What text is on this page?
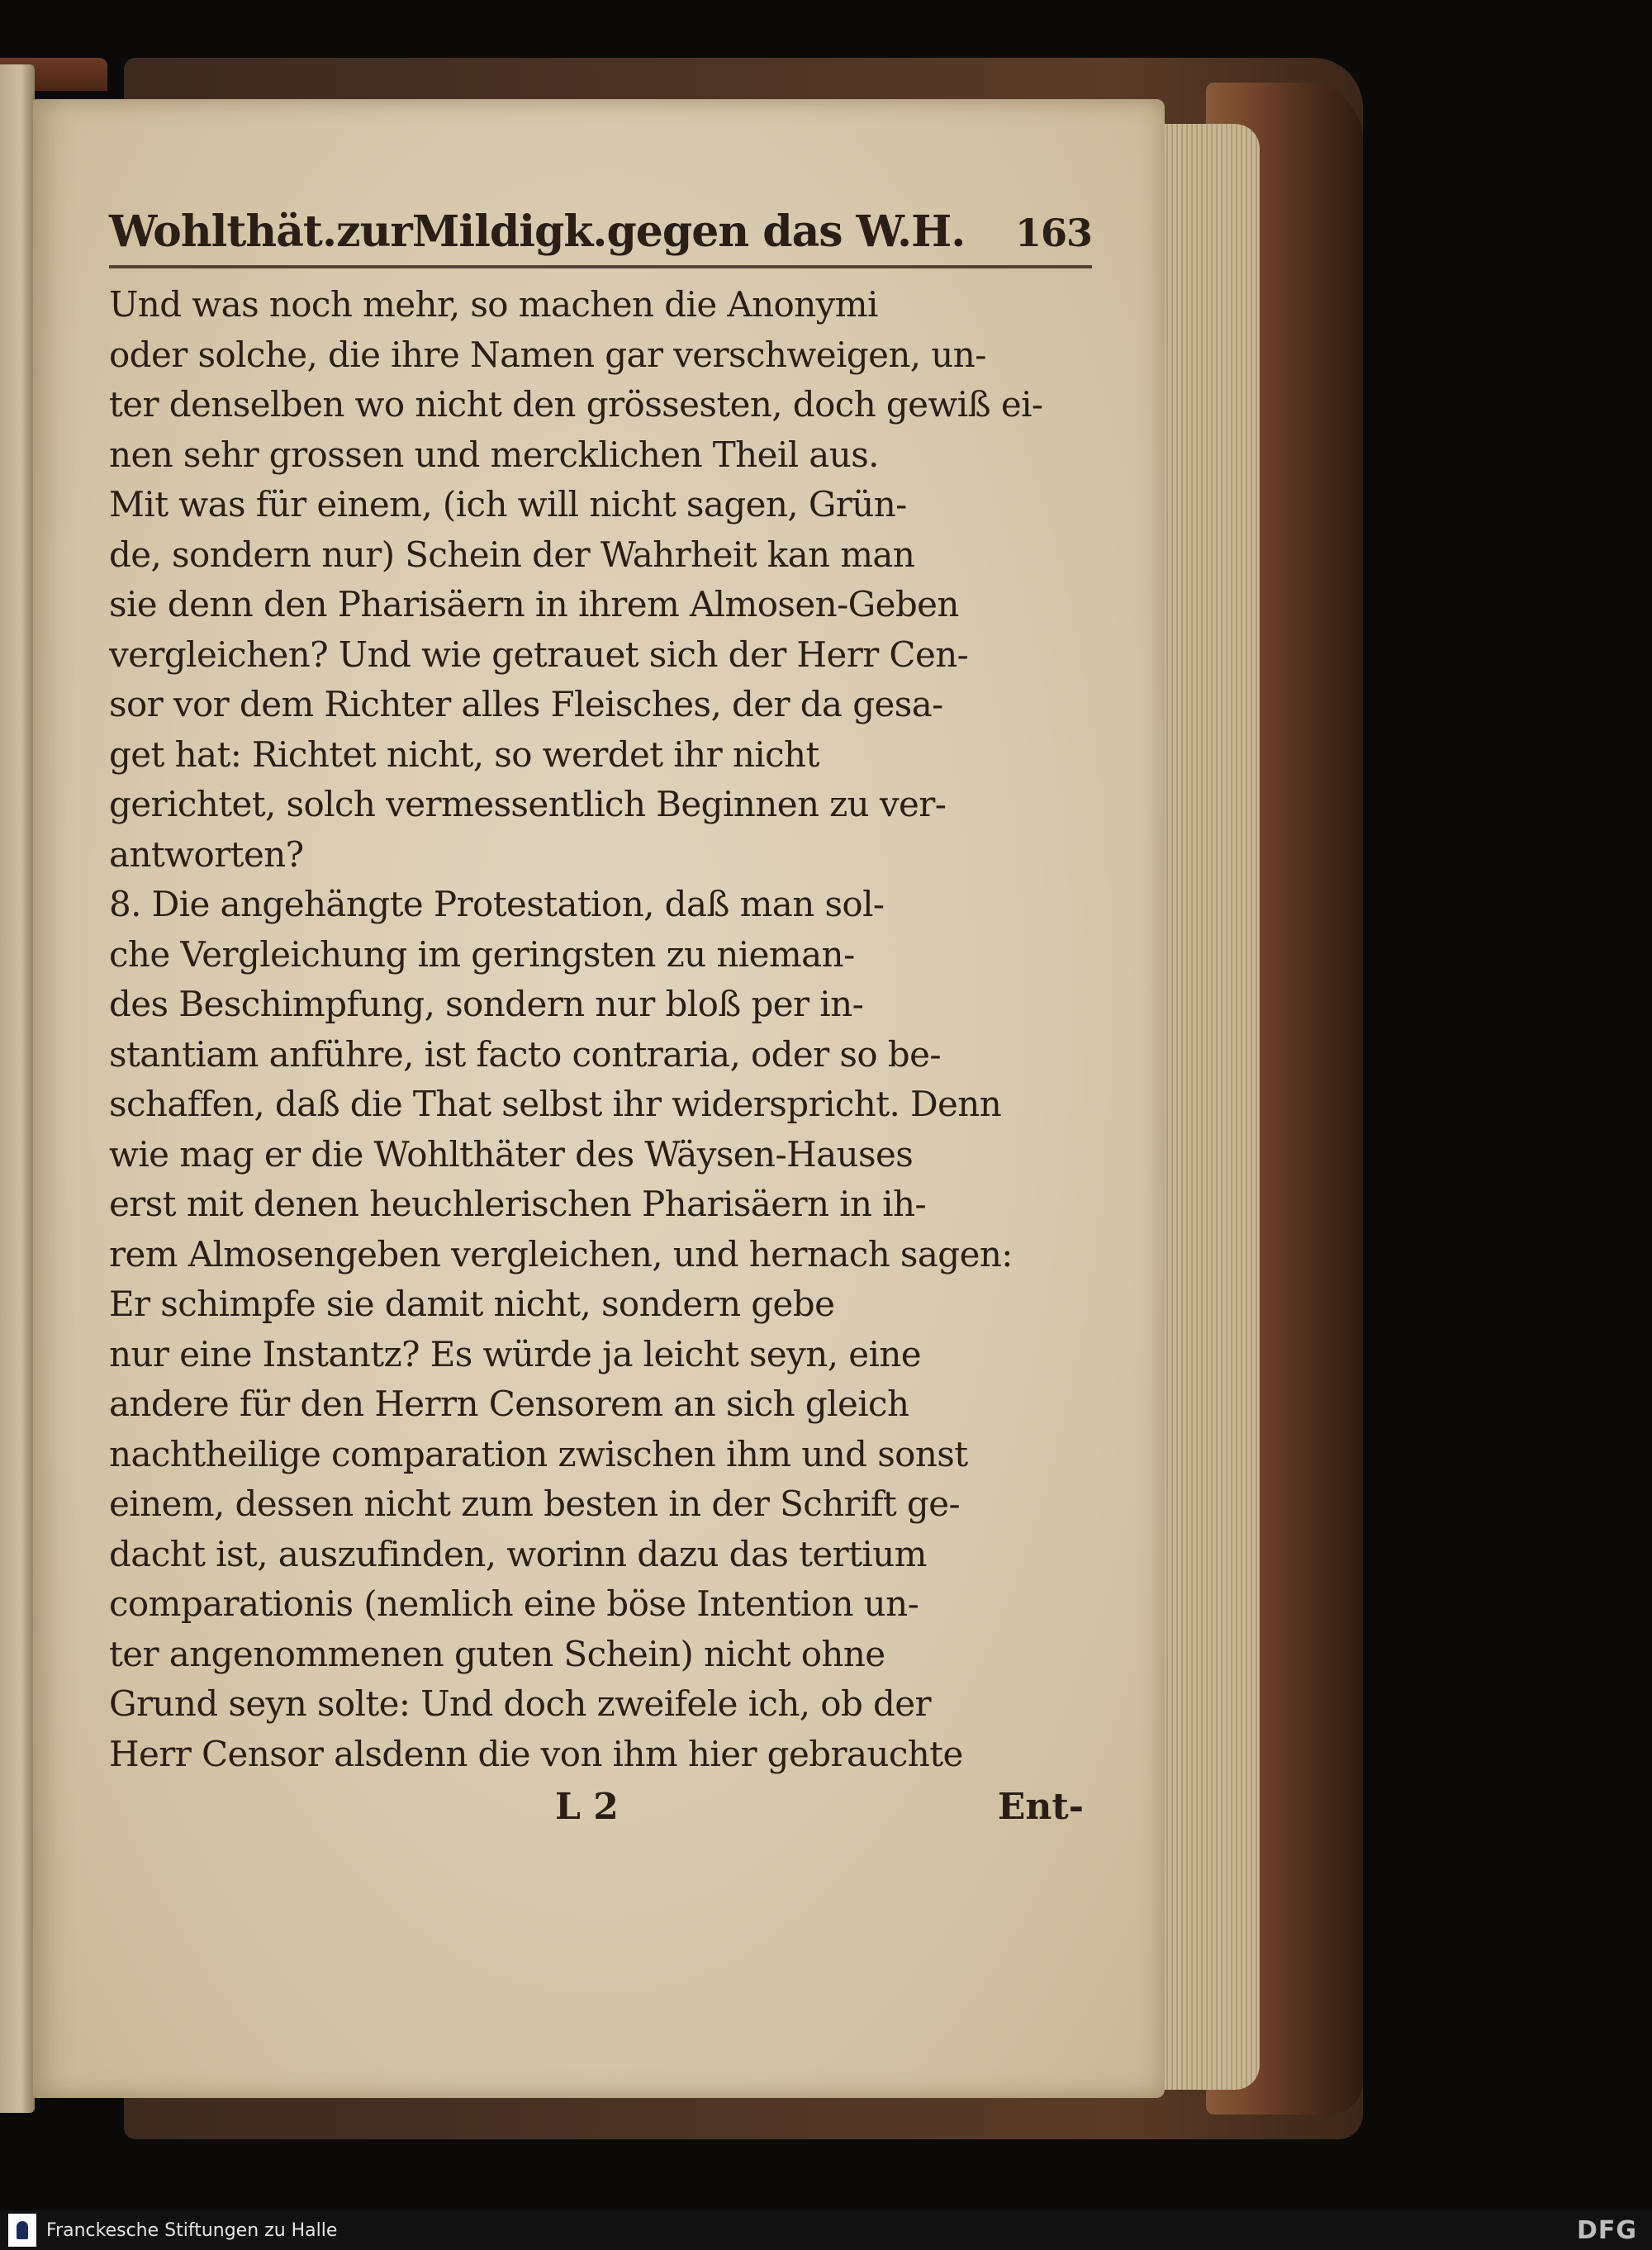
Wohlthät.zurMildigk.gegen das W.H. 163
Und was noch mehr, so machen die Anonymi
oder solche, die ihre Namen gar verschweigen, un-
ter denselben wo nicht den grössesten, doch gewiß ei-
nen sehr grossen und mercklichen Theil aus.
Mit was für einem, (ich will nicht sagen, Grün-
de, sondern nur) Schein der Wahrheit kan man
sie denn den Pharisäern in ihrem Almosen-Geben
vergleichen? Und wie getrauet sich der Herr Cen-
sor vor dem Richter alles Fleisches, der da gesa-
get hat: Richtet nicht, so werdet ihr nicht
gerichtet, solch vermessentlich Beginnen zu ver-
antworten?
8. Die angehängte Protestation, daß man sol-
che Vergleichung im geringsten zu nieman-
des Beschimpfung, sondern nur bloß per in-
stantiam anführe, ist facto contraria, oder so be-
schaffen, daß die That selbst ihr widerspricht. Denn
wie mag er die Wohlthäter des Wäysen-Hauses
erst mit denen heuchlerischen Pharisäern in ih-
rem Almosengeben vergleichen, und hernach sagen:
Er schimpfe sie damit nicht, sondern gebe
nur eine Instantz? Es würde ja leicht seyn, eine
andere für den Herrn Censorem an sich gleich
nachtheilige comparation zwischen ihm und sonst
einem, dessen nicht zum besten in der Schrift ge-
dacht ist, auszufinden, worinn dazu das tertium
comparationis (nemlich eine böse Intention un-
ter angenommenen guten Schein) nicht ohne
Grund seyn solte: Und doch zweifele ich, ob der
Herr Censor alsdenn die von ihm hier gebrauchte
L 2	Ent-
Franckesche Stiftungen zu Halle	DFG
